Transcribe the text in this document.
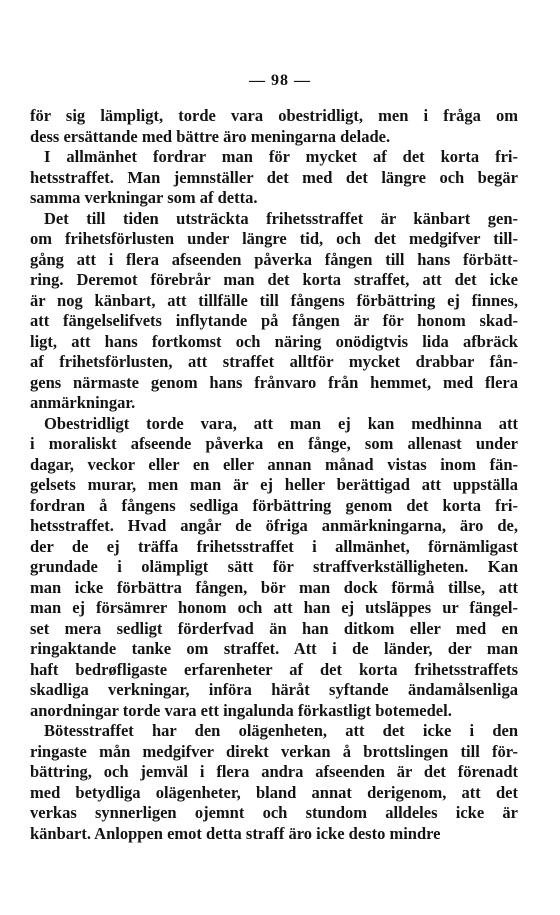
— 98 —
för sig lämpligt, torde vara obestridligt, men i fråga om
dess ersättande med bättre äro meningarna delade.
I allmänhet fordrar man för mycket af det korta fri-
hetsstraffet. Man jemnställer det med det längre och begär
samma verkningar som af detta.
Det till tiden utsträckta frihetsstraffet är känbart gen-
om frihetsförlusten under längre tid, och det medgifver till-
gång att i flera afseenden påverka fången till hans förbätt-
ring. Deremot förebrår man det korta straffet, att det icke
är nog känbart, att tillfälle till fångens förbättring ej finnes,
att fängelselifvets inflytande på fången är för honom skad-
ligt, att hans fortkomst och näring onödigtvis lida afbräck
af frihetsförlusten, att straffet alltför mycket drabbar fån-
gens närmaste genom hans frånvaro från hemmet, med flera
anmärkningar.
Obestridligt torde vara, att man ej kan medhinna att
i moraliskt afseende påverka en fånge, som allenast under
dagar, veckor eller en eller annan månad vistas inom fän-
gelsets murar, men man är ej heller berättigad att uppställa
fordran å fångens sedliga förbättring genom det korta fri-
hetsstraffet. Hvad angår de öfriga anmärkningarna, äro de,
der de ej träffa frihetsstraffet i allmänhet, förnämligast
grundade i olämpligt sätt för straffverkställigheten. Kan
man icke förbättra fången, bör man dock förmå tillse, att
man ej försämrer honom och att han ej utsläppes ur fängel-
set mera sedligt förderfvad än han ditkom eller med en
ringaktande tanke om straffet. Att i de länder, der man
haft bedrøfligaste erfarenheter af det korta frihetsstraffets
skadliga verkningar, införa häråt syftande ändamålsenliga
anordningar torde vara ett ingalunda förkastligt botemedel.
Bötesstraffet har den olägenheten, att det icke i den
ringaste mån medgifver direkt verkan å brottslingen till för-
bättring, och jemväl i flera andra afseenden är det förenadt
med betydliga olägenheter, bland annat derigenom, att det
verkas synnerligen ojemnt och stundom alldeles icke är
känbart. Anloppen emot detta straff äro icke desto mindre
